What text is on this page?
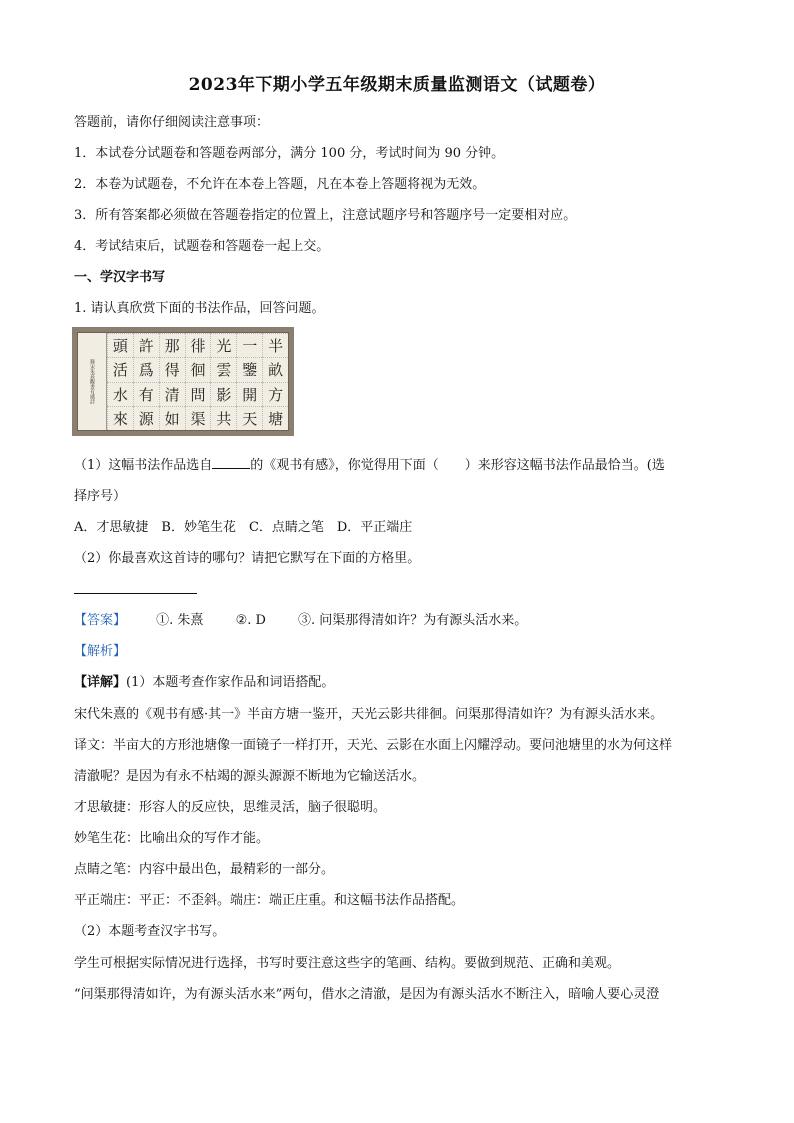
2023年下期小学五年级期末质量监测语文（试题卷）
答题前，请你仔细阅读注意事项：
1．本试卷分试题卷和答题卷两部分，满分 100 分，考试时间为 90 分钟。
2．本卷为试题卷，不允许在本卷上答题，凡在本卷上答题将视为无效。
3．所有答案都必须做在答题卷指定的位置上，注意试题序号和答题序号一定要相对应。
4．考试结束后，试题卷和答题卷一起上交。
一、学汉字书写
1. 请认真欣赏下面的书法作品，回答问题。
錄宋朱熹觀書有感詩
頭 許 那 徘 光 一 半
活 爲 得 徊 雲 鑒 畝
水 有 清 問 影 開 方
來 源 如 渠 共 天 塘
（1）这幅书法作品选自	的《观书有感》，你觉得用下面（　　）来形容这幅书法作品最恰当。(选
择序号）
A．才思敏捷　B．妙笔生花　C．点睛之笔　D．平正端庄
（2）你最喜欢这首诗的哪句？请把它默写在下面的方格里。
【答案】 ①. 朱熹 ②. D ③. 问渠那得清如许？为有源头活水来。
【解析】
【详解】(1）本题考查作家作品和词语搭配。
宋代朱熹的《观书有感·其一》半亩方塘一鉴开，天光云影共徘徊。问渠那得清如许？为有源头活水来。
译文：半亩大的方形池塘像一面镜子一样打开，天光、云影在水面上闪耀浮动。要问池塘里的水为何这样
清澈呢？是因为有永不枯竭的源头源源不断地为它输送活水。
才思敏捷：形容人的反应快，思维灵活，脑子很聪明。
妙笔生花：比喻出众的写作才能。
点睛之笔：内容中最出色，最精彩的一部分。
平正端庄：平正：不歪斜。端庄：端正庄重。和这幅书法作品搭配。
（2）本题考查汉字书写。
学生可根据实际情况进行选择，书写时要注意这些字的笔画、结构。要做到规范、正确和美观。
“问渠那得清如许，为有源头活水来”两句，借水之清澈，是因为有源头活水不断注入，暗喻人要心灵澄
